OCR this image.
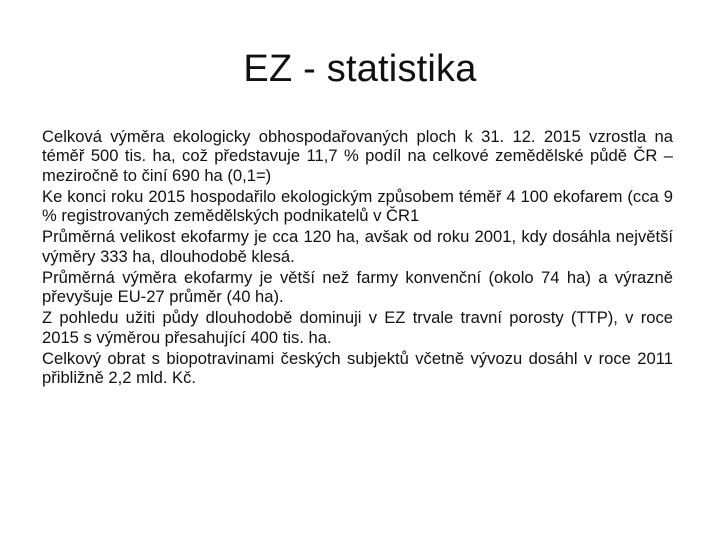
EZ - statistika
Celková výměra ekologicky obhospodařovaných ploch k 31. 12. 2015 vzrostla na téměř 500 tis. ha, což představuje 11,7 % podíl na celkové zemědělské půdě ČR –meziročně to činí 690 ha (0,1=)
Ke konci roku 2015 hospodařilo ekologickým způsobem téměř 4 100 ekofarem (cca 9 % registrovaných zemědělských podnikatelů v ČR1
Průměrná velikost ekofarmy je cca 120 ha, avšak od roku 2001, kdy dosáhla největší výměry 333 ha, dlouhodobě klesá.
Průměrná výměra ekofarmy je větší než farmy konvenční (okolo 74 ha) a výrazně převyšuje EU-27 průměr (40 ha).
Z pohledu užiti půdy dlouhodobě dominuji v EZ trvale travní porosty (TTP), v roce 2015 s výměrou přesahující 400 tis. ha.
Celkový obrat s biopotravinami českých subjektů včetně vývozu dosáhl v roce 2011 přibližně 2,2 mld. Kč.
